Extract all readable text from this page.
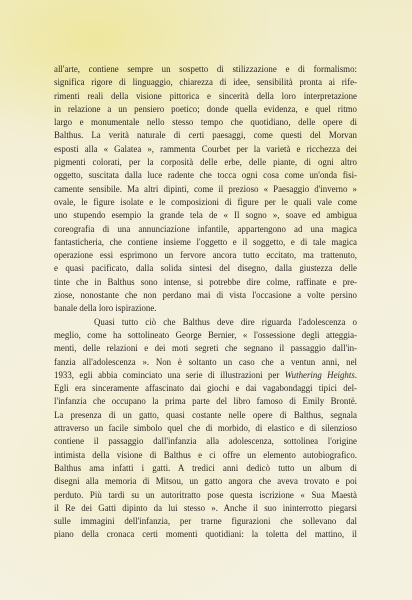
all'arte, contiene sempre un sospetto di stilizzazione e di formalismo:
significa rigore di linguaggio, chiarezza di idee, sensibilità pronta ai rife-
rimenti reali della visione pittorica e sincerità della loro interpretazione
in relazione a un pensiero poetico; donde quella evidenza, e quel ritmo
largo e monumentale nello stesso tempo che quotidiano, delle opere di
Balthus. La verità naturale di certi paesaggi, come questi del Morvan
esposti alla « Galatea », rammenta Courbet per la varietà e ricchezza dei
pigmenti colorati, per la corposità delle erbe, delle piante, di ogni altro
oggetto, suscitata dalla luce radente che tocca ogni cosa come un'onda fisi-
camente sensibile. Ma altri dipinti, come il prezioso « Paesaggio d'inverno »
ovale, le figure isolate e le composizioni di figure per le quali vale come
uno stupendo esempio la grande tela de « Il sogno », soave ed ambigua
coreografia di una annunciazione infantile, appartengono ad una magica
fantasticheria, che contiene insieme l'oggetto e il soggetto, e di tale magica
operazione essi esprimono un fervore ancora tutto eccitato, ma trattenuto,
e quasi pacificato, dalla solida sintesi del disegno, dalla giustezza delle
tinte che in Balthus sono intense, si potrebbe dire colme, raffinate e pre-
ziose, nonostante che non perdano mai di vista l'occasione a volte persino
banale della loro ispirazione.

Quasi tutto ciò che Balthus deve dire riguarda l'adolescenza o
meglio, come ha sottolineato George Bernier, « l'ossessione degli atteggia-
menti, delle relazioni e dei moti segreti che segnano il passaggio dall'in-
fanzia all'adolescenza ». Non è soltanto un caso che a ventun anni, nel
1933, egli abbia cominciato una serie di illustrazioni per Wuthering Heights.
Egli era sinceramente affascinato dai giochi e dai vagabondaggi tipici del-
l'infanzia che occupano la prima parte del libro famoso di Emily Brontë.
La presenza di un gatto, quasi costante nelle opere di Balthus, segnala
attraverso un facile simbolo quel che di morbido, di elastico e di silenzioso
contiene il passaggio dall'infanzia alla adolescenza, sottolinea l'origine
intimista della visione di Balthus e ci offre un elemento autobiografico.
Balthus ama infatti i gatti. A tredici anni dedicò tutto un album di
disegni alla memoria di Mitsou, un gatto angora che aveva trovato e poi
perduto. Più tardi su un autoritratto pose questa iscrizione « Sua Maestà
il Re dei Gatti dipinto da lui stesso ». Anche il suo ininterrotto piegarsi
sulle immagini dell'infanzia, per trarne figurazioni che sollevano dal
piano della cronaca certi momenti quotidiani: la toletta del mattino, il
